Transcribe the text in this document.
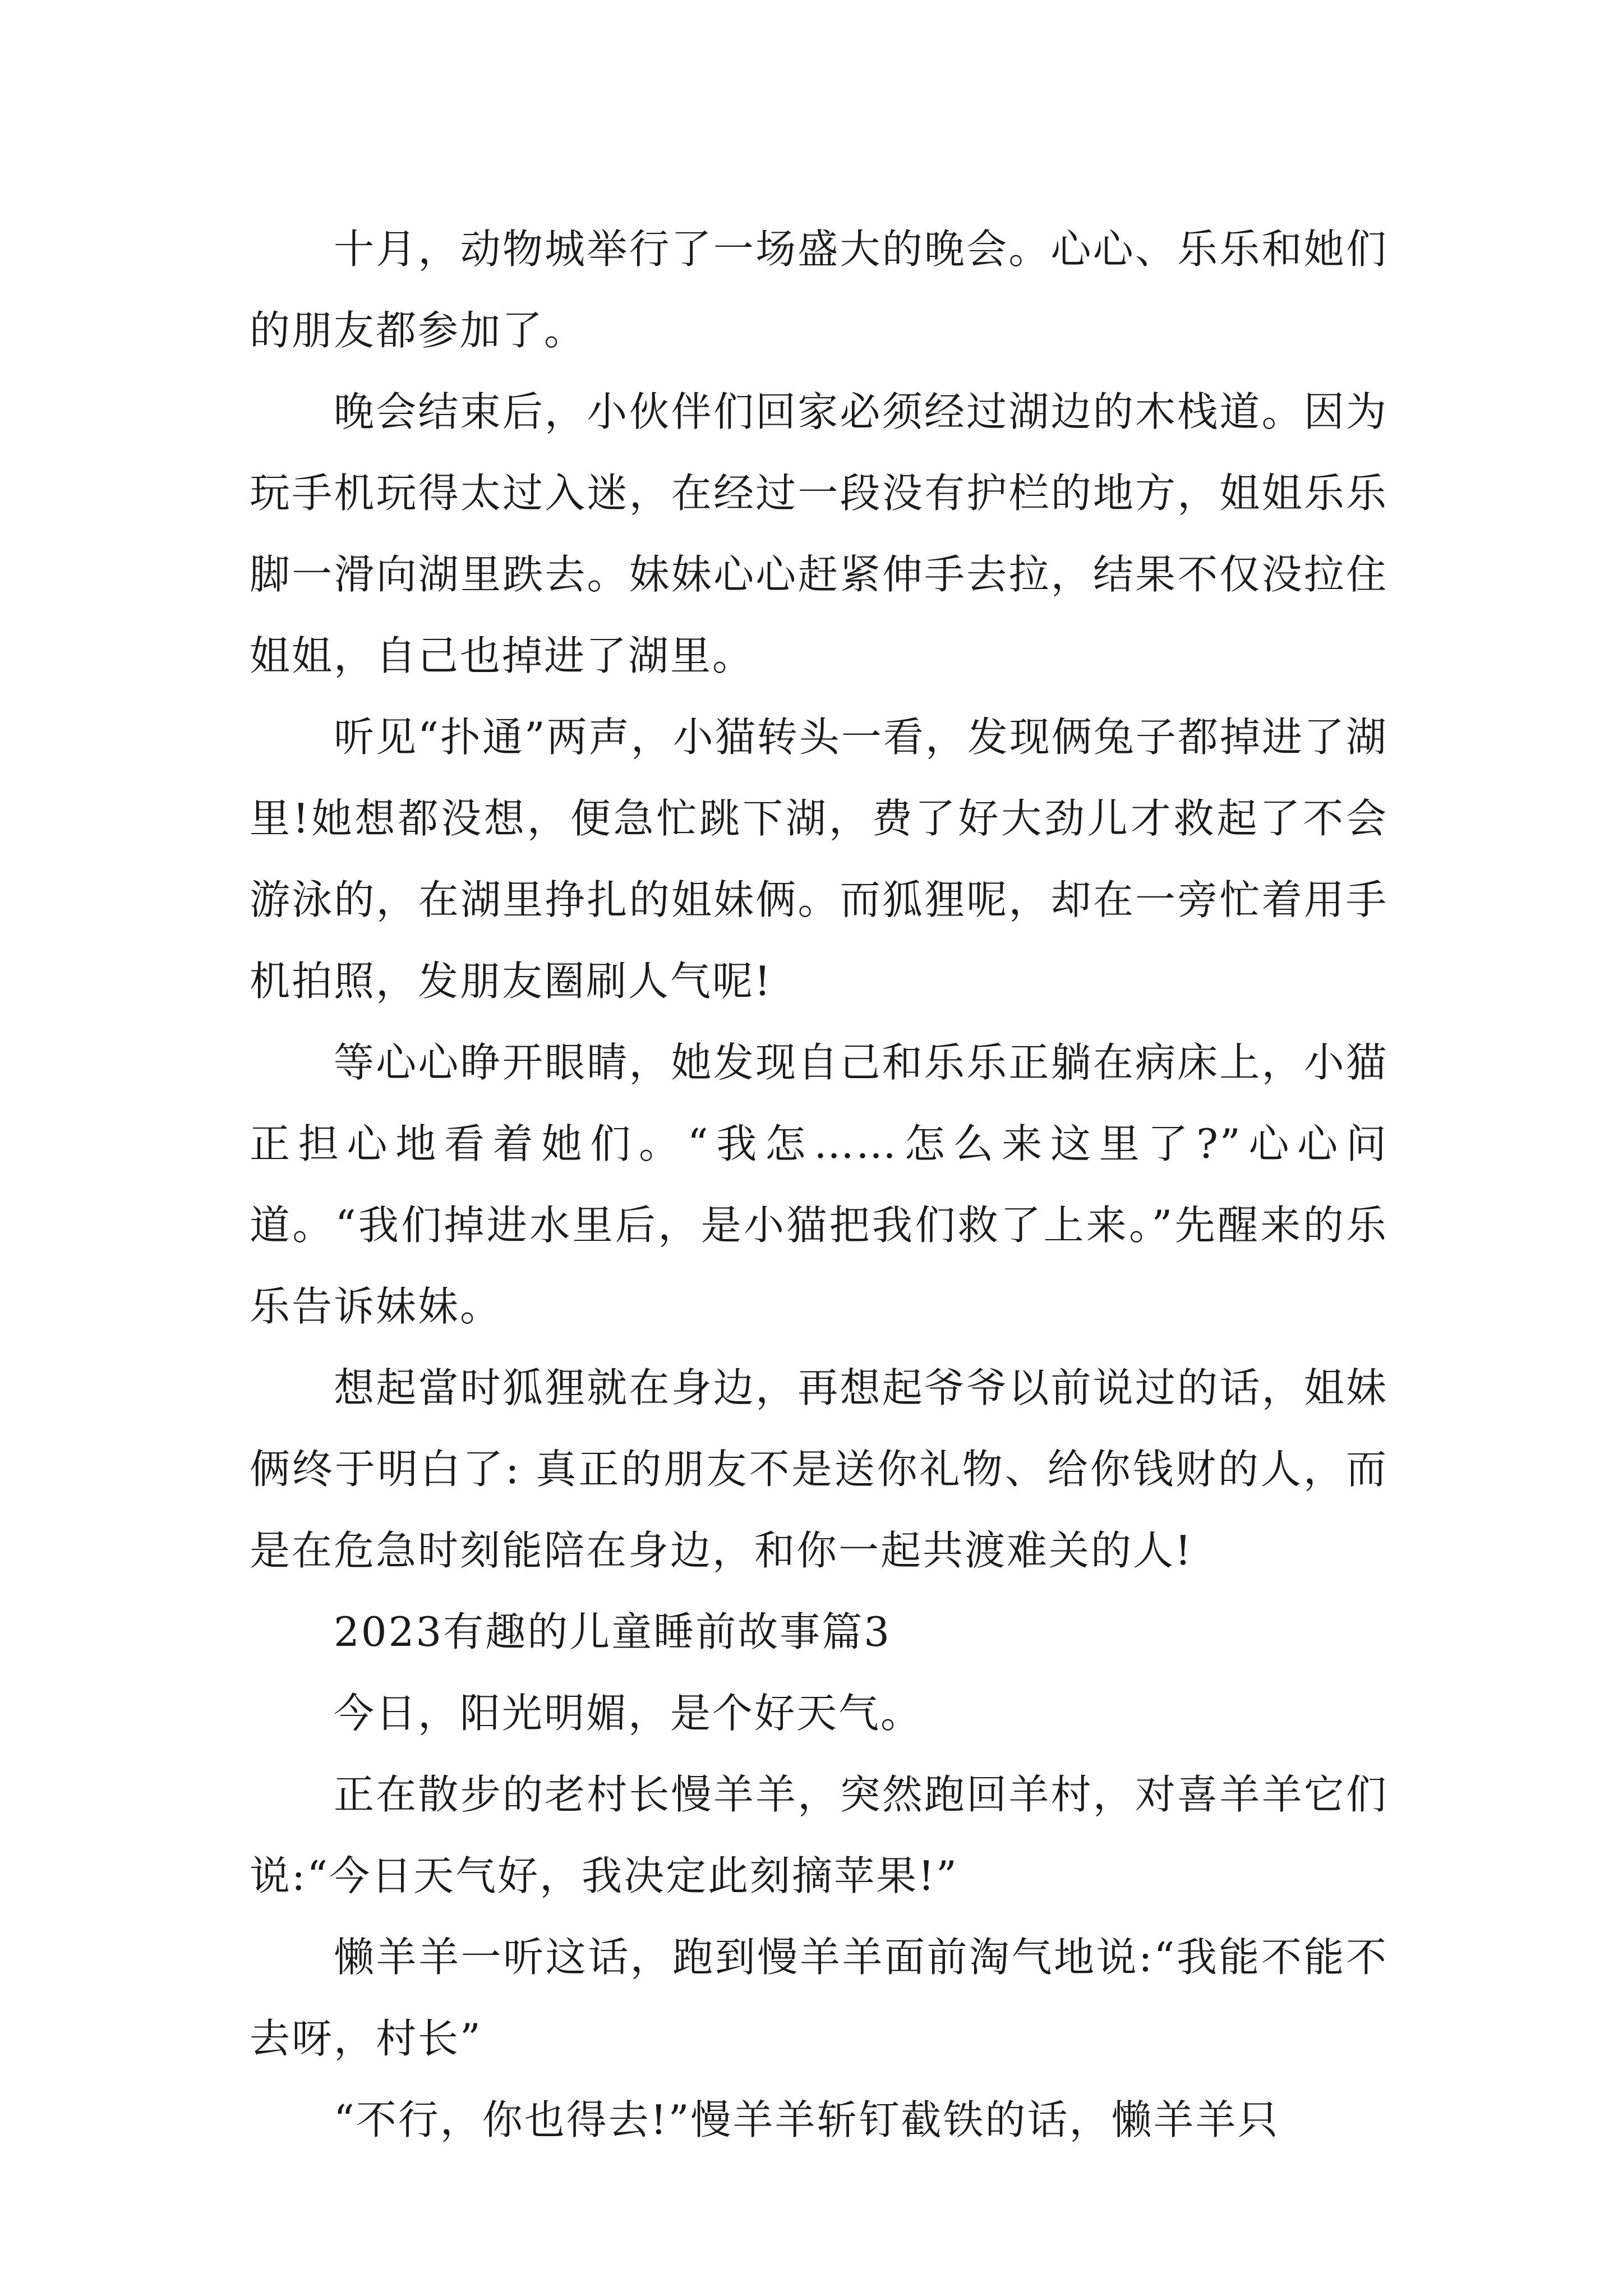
十月，动物城举行了一场盛大的晚会。心心、乐乐和她们的朋友都参加了。

晚会结束后，小伙伴们回家必须经过湖边的木栈道。因为玩手机玩得太过入迷，在经过一段没有护栏的地方，姐姐乐乐脚一滑向湖里跌去。妹妹心心赶紧伸手去拉，结果不仅没拉住姐姐，自己也掉进了湖里。

听见“扑通”两声，小猫转头一看，发现俩兔子都掉进了湖里!她想都没想，便急忙跳下湖，费了好大劲儿才救起了不会游泳的，在湖里挣扎的姐妹俩。而狐狸呢，却在一旁忙着用手机拍照，发朋友圈刷人气呢!

等心心睁开眼睛，她发现自己和乐乐正躺在病床上，小猫正担心地看着她们。“我怎……怎么来这里了?”心心问道。“我们掉进水里后，是小猫把我们救了上来。”先醒来的乐乐告诉妹妹。

想起當时狐狸就在身边，再想起爷爷以前说过的话，姐妹俩终于明白了: 真正的朋友不是送你礼物、给你钱财的人，而是在危急时刻能陪在身边，和你一起共渡难关的人!

2023有趣的儿童睡前故事篇3

今日，阳光明媚，是个好天气。

正在散步的老村长慢羊羊，突然跑回羊村，对喜羊羊它们说:“今日天气好，我决定此刻摘苹果!”

懒羊羊一听这话，跑到慢羊羊面前淘气地说:“我能不能不去呀，村长”

“不行，你也得去!”慢羊羊斩钉截铁的话，懒羊羊只
